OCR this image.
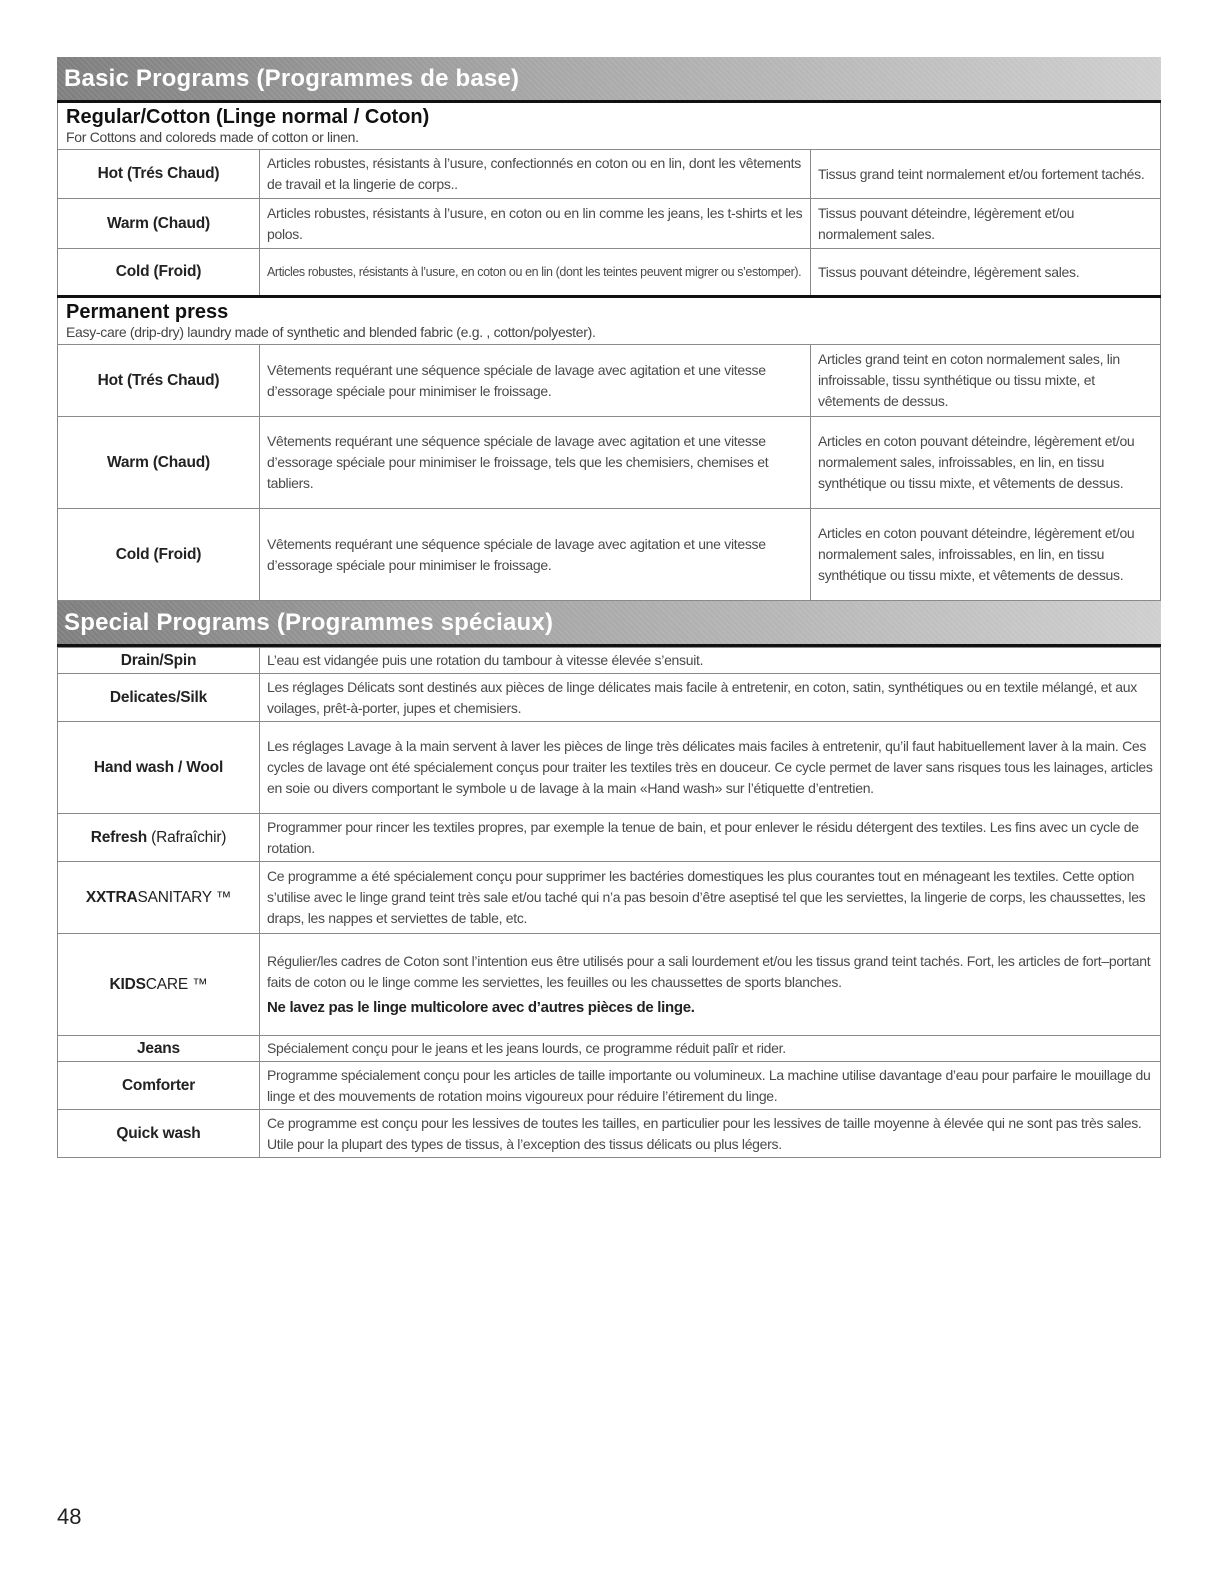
Basic Programs (Programmes de base)
Regular/Cotton (Linge normal / Coton)
For Cottons and coloreds made of cotton or linen.
Hot (Trés Chaud)	Articles robustes, résistants à l’usure, confectionnés en coton ou en lin, dont les vêtements de travail et la lingerie de corps..	Tissus grand teint normalement et/ou fortement tachés.
Warm (Chaud)	Articles robustes, résistants à l’usure, en coton ou en lin comme les jeans, les t-shirts et les polos.	Tissus pouvant déteindre, légèrement et/ou normalement sales.
Cold (Froid)	Articles robustes, résistants à l’usure, en coton ou en lin (dont les teintes peuvent migrer ou s’estomper).	Tissus pouvant déteindre, légèrement sales.
Permanent press
Easy-care (drip-dry) laundry made of synthetic and blended fabric (e.g. , cotton/polyester).
Hot (Trés Chaud)	Vêtements requérant une séquence spéciale de lavage avec agitation et une vitesse d’essorage spéciale pour minimiser le froissage.	Articles grand teint en coton normalement sales, lin infroissable, tissu synthétique ou tissu mixte, et vêtements de dessus.
Warm (Chaud)	Vêtements requérant une séquence spéciale de lavage avec agitation et une vitesse d’essorage spéciale pour minimiser le froissage, tels que les chemisiers, chemises et tabliers.	Articles en coton pouvant déteindre, légèrement et/ou normalement sales, infroissables, en lin, en tissu synthétique ou tissu mixte, et vêtements de dessus.
Cold (Froid)	Vêtements requérant une séquence spéciale de lavage avec agitation et une vitesse d’essorage spéciale pour minimiser le froissage.	Articles en coton pouvant déteindre, légèrement et/ou normalement sales, infroissables, en lin, en tissu synthétique ou tissu mixte, et vêtements de dessus.
Special Programs (Programmes spéciaux)
Drain/Spin	L’eau est vidangée puis une rotation du tambour à vitesse élevée s’ensuit.
Delicates/Silk	Les réglages Délicats sont destinés aux pièces de linge délicates mais facile à entretenir, en coton, satin, synthétiques ou en textile mélangé, et aux voilages, prêt-à-porter, jupes et chemisiers.
Hand wash / Wool	Les réglages Lavage à la main servent à laver les pièces de linge très délicates mais faciles à entretenir, qu’il faut habituellement laver à la main. Ces cycles de lavage ont été spécialement conçus pour traiter les textiles très en douceur. Ce cycle permet de laver sans risques tous les lainages, articles en soie ou divers comportant le symbole u de lavage à la main «Hand wash» sur l’étiquette d’entretien.
Refresh (Rafraîchir)	Programmer pour rincer les textiles propres, par exemple la tenue de bain, et pour enlever le résidu détergent des textiles. Les fins avec un cycle de rotation.
XXTRASANITARY ™	Ce programme a été spécialement conçu pour supprimer les bactéries domestiques les plus courantes tout en ménageant les textiles. Cette option s’utilise avec le linge grand teint très sale et/ou taché qui n’a pas besoin d’être aseptisé tel que les serviettes, la lingerie de corps, les chaussettes, les draps, les nappes et serviettes de table, etc.
KIDSCARE ™	Régulier/les cadres de Coton sont l’intention eus être utilisés pour a sali lourdement et/ou les tissus grand teint tachés. Fort, les articles de fort–portant faits de coton ou le linge comme les serviettes, les feuilles ou les chaussettes de sports blanches.
Ne lavez pas le linge multicolore avec d’autres pièces de linge.

Jeans	Spécialement conçu pour le jeans et les jeans lourds, ce programme réduit palîr et rider.
Comforter	Programme spécialement conçu pour les articles de taille importante ou volumineux. La machine utilise davantage d’eau pour parfaire le mouillage du linge et des mouvements de rotation moins vigoureux pour réduire l’étirement du linge.
Quick wash	Ce programme est conçu pour les lessives de toutes les tailles, en particulier pour les lessives de taille moyenne à élevée qui ne sont pas très sales. Utile pour la plupart des types de tissus, à l’exception des tissus délicats ou plus légers.
48
